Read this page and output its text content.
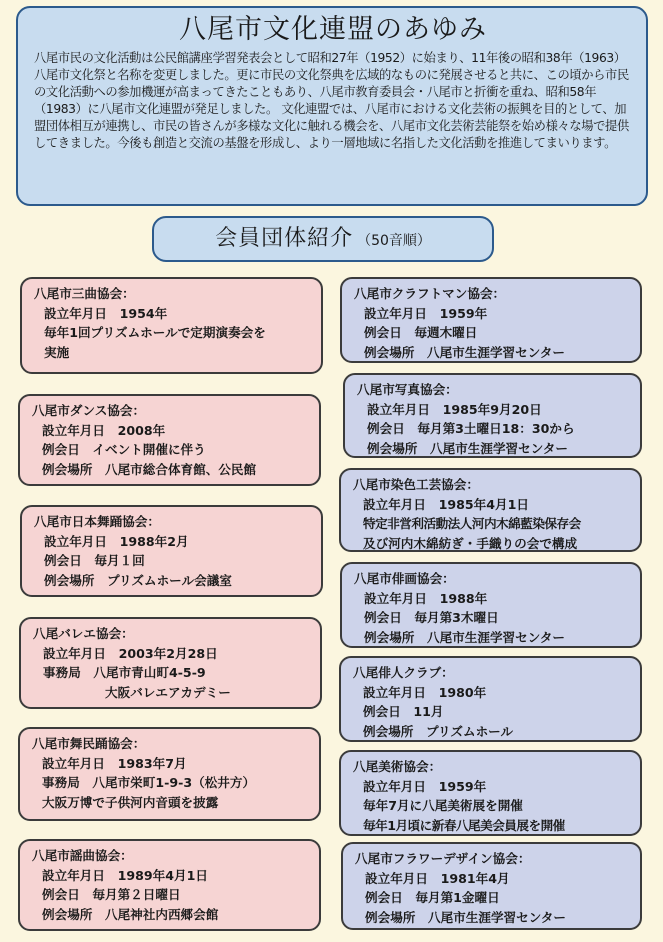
八尾市文化連盟のあゆみ
八尾市民の文化活動は公民館講座学習発表会として昭和27年（1952）に始まり、11年後の昭和38年（1963）八尾市文化祭と名称を変更しました。更に市民の文化祭典を広域的なものに発展させると共に、この頃から市民の文化活動への参加機運が高まってきたこともあり、八尾市教育委員会・八尾市と折衝を重ね、昭和58年（1983）に八尾市文化連盟が発足しました。 文化連盟では、八尾市における文化芸術の振興を目的として、加盟団体相互が連携し、市民の皆さんが多様な文化に触れる機会を、八尾市文化芸術芸能祭を始め様々な場で提供してきました。今後も創造と交流の基盤を形成し、より一層地域に名指した文化活動を推進してまいります。
会員団体紹介 （50音順）
八尾市三曲協会：
設立年月日　1954年
毎年1回プリズムホールで定期演奏会を
実施
八尾市ダンス協会：
設立年月日　2008年
例会日　イベント開催に伴う
例会場所　八尾市総合体育館、公民館
八尾市日本舞踊協会：
設立年月日　1988年2月
例会日　毎月１回
例会場所　プリズムホール会議室
八尾バレエ協会：
設立年月日　2003年2月28日
事務局　八尾市青山町4-5-9
大阪バレエアカデミー
八尾市舞民踊協会：
設立年月日　1983年7月
事務局　八尾市栄町1-9-3（松井方）
大阪万博で子供河内音頭を披露
八尾市謡曲協会：
設立年月日　1989年4月1日
例会日　毎月第２日曜日
例会場所　八尾神社内西郷会館
八尾市クラフトマン協会：
設立年月日　1959年
例会日　毎週木曜日
例会場所　八尾市生涯学習センター
八尾市写真協会：
設立年月日　1985年9月20日
例会日　毎月第3土曜日18：30から
例会場所　八尾市生涯学習センター
八尾市染色工芸協会：
設立年月日　1985年4月1日
特定非営利活動法人河内木綿藍染保存会
及び河内木綿紡ぎ・手織りの会で構成
八尾市俳画協会：
設立年月日　1988年
例会日　毎月第3木曜日
例会場所　八尾市生涯学習センター
八尾俳人クラブ：
設立年月日　1980年
例会日　11月
例会場所　プリズムホール
八尾美術協会：
設立年月日　1959年
毎年7月に八尾美術展を開催
毎年1月頃に新春八尾美会員展を開催
八尾市フラワーデザイン協会：
設立年月日　1981年4月
例会日　毎月第1金曜日
例会場所　八尾市生涯学習センター
